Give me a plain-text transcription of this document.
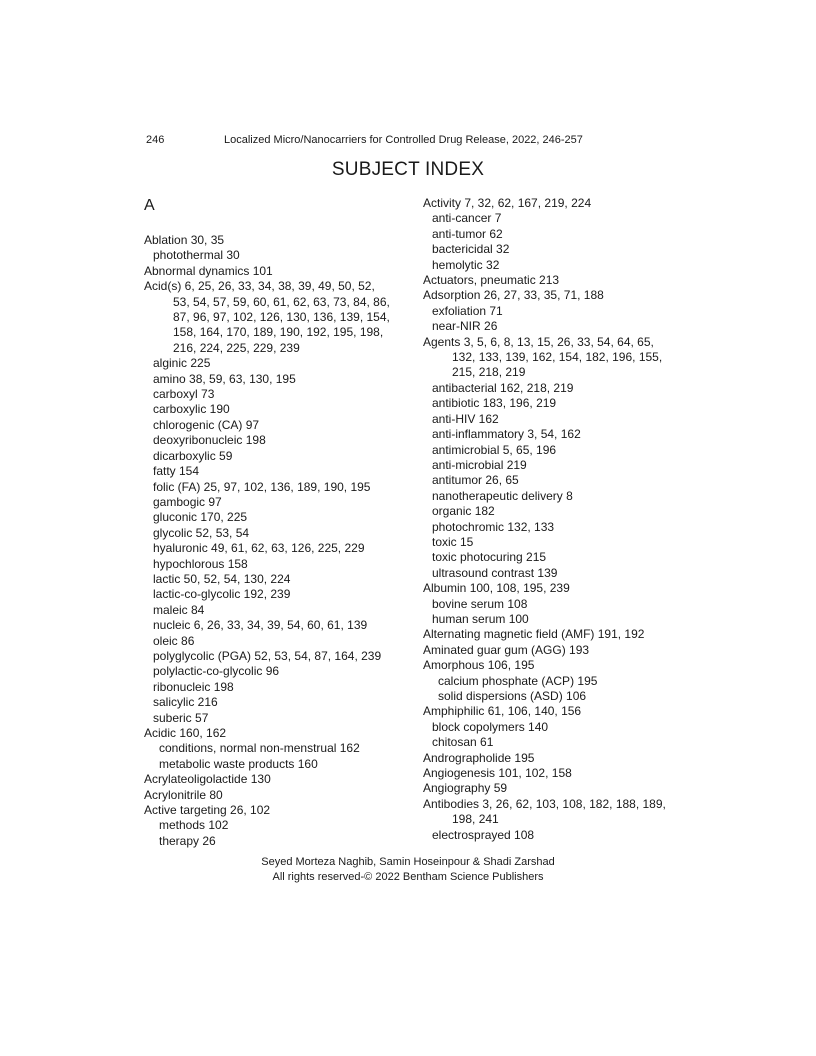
246	Localized Micro/Nanocarriers for Controlled Drug Release, 2022, 246-257
SUBJECT INDEX
A
Ablation 30, 35
photothermal 30
Abnormal dynamics 101
Acid(s) 6, 25, 26, 33, 34, 38, 39, 49, 50, 52,
53, 54, 57, 59, 60, 61, 62, 63, 73, 84, 86,
87, 96, 97, 102, 126, 130, 136, 139, 154,
158, 164, 170, 189, 190, 192, 195, 198,
216, 224, 225, 229, 239
alginic 225
amino 38, 59, 63, 130, 195
carboxyl 73
carboxylic 190
chlorogenic (CA) 97
deoxyribonucleic 198
dicarboxylic 59
fatty 154
folic (FA) 25, 97, 102, 136, 189, 190, 195
gambogic 97
gluconic 170, 225
glycolic 52, 53, 54
hyaluronic 49, 61, 62, 63, 126, 225, 229
hypochlorous 158
lactic 50, 52, 54, 130, 224
lactic-co-glycolic 192, 239
maleic 84
nucleic 6, 26, 33, 34, 39, 54, 60, 61, 139
oleic 86
polyglycolic (PGA) 52, 53, 54, 87, 164, 239
polylactic-co-glycolic 96
ribonucleic 198
salicylic 216
suberic 57
Acidic 160, 162
conditions, normal non-menstrual 162
metabolic waste products 160
Acrylateoligolactide 130
Acrylonitrile 80
Active targeting 26, 102
methods 102
therapy 26
Activity 7, 32, 62, 167, 219, 224
anti-cancer 7
anti-tumor 62
bactericidal 32
hemolytic 32
Actuators, pneumatic 213
Adsorption 26, 27, 33, 35, 71, 188
exfoliation 71
near-NIR 26
Agents 3, 5, 6, 8, 13, 15, 26, 33, 54, 64, 65,
132, 133, 139, 162, 154, 182, 196, 155,
215, 218, 219
antibacterial 162, 218, 219
antibiotic 183, 196, 219
anti-HIV 162
anti-inflammatory 3, 54, 162
antimicrobial 5, 65, 196
anti-microbial 219
antitumor 26, 65
nanotherapeutic delivery 8
organic 182
photochromic 132, 133
toxic 15
toxic photocuring 215
ultrasound contrast 139
Albumin 100, 108, 195, 239
bovine serum 108
human serum 100
Alternating magnetic field (AMF) 191, 192
Aminated guar gum (AGG) 193
Amorphous 106, 195
calcium phosphate (ACP) 195
solid dispersions (ASD) 106
Amphiphilic 61, 106, 140, 156
block copolymers 140
chitosan 61
Andrographolide 195
Angiogenesis 101, 102, 158
Angiography 59
Antibodies 3, 26, 62, 103, 108, 182, 188, 189,
198, 241
electrosprayed 108
Seyed Morteza Naghib, Samin Hoseinpour & Shadi Zarshad
All rights reserved-© 2022 Bentham Science Publishers
